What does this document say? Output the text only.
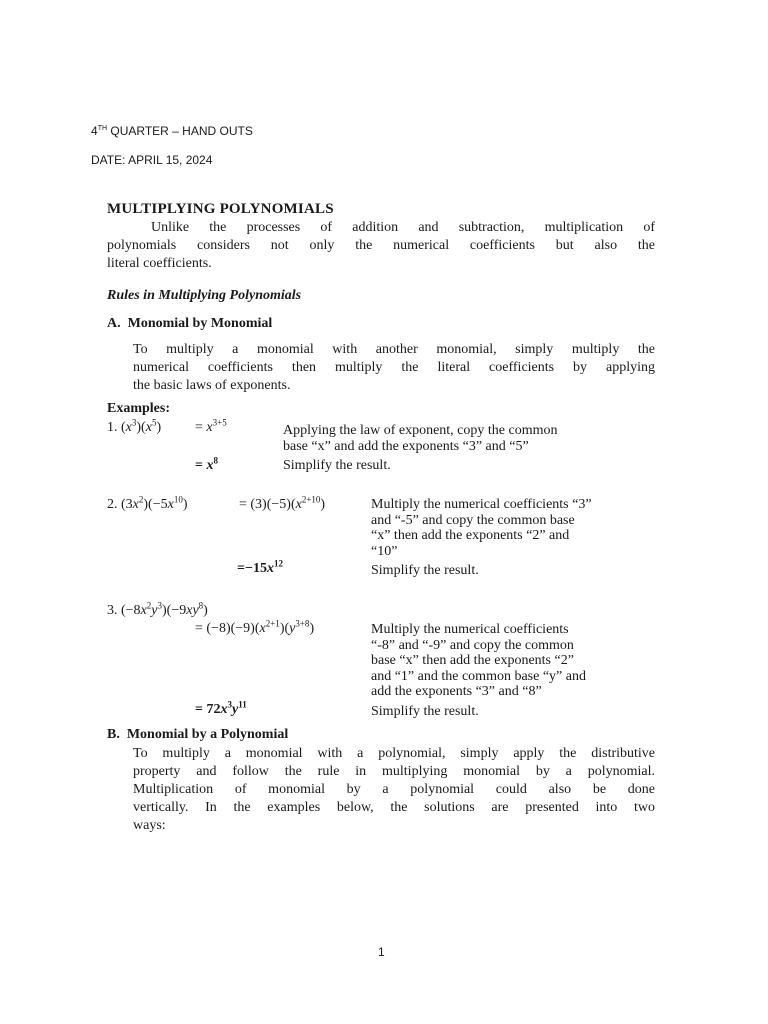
4TH QUARTER – HAND OUTS
DATE: APRIL 15, 2024
MULTIPLYING POLYNOMIALS
Unlike the processes of addition and subtraction, multiplication of
polynomials considers not only the numerical coefficients but also the
literal coefficients.
Rules in Multiplying Polynomials
A.  Monomial by Monomial
To multiply a monomial with another monomial, simply multiply the
numerical coefficients then multiply the literal coefficients by applying
the basic laws of exponents.
Examples:
1. $(x^3)(x^5) = x^{3+5}$
Applying the law of exponent, copy the common
base “x” and add the exponents “3” and “5”
= $x^8$	Simplify the result.
2. $(3x^2)(-5x^{10})$	= $(3)(-5)(x^{2+10})$	Multiply the numerical coefficients “3”
and “-5” and copy the common base
“x” then add the exponents “2” and
“10”
$=-15x^{12}$	Simplify the result.
3. $(-8x^2y^3)(-9xy^8)$
= $(-8)(-9)(x^{2+1})(y^{3+8})$	Multiply the numerical coefficients
“-8” and “-9” and copy the common
base “x” then add the exponents “2”
and “1” and the common base “y” and
add the exponents “3” and “8”
= $72x^3y^{11}$	Simplify the result.
B.  Monomial by a Polynomial
To multiply a monomial with a polynomial, simply apply the distributive
property and follow the rule in multiplying monomial by a polynomial.
Multiplication of monomial by a polynomial could also be done
vertically. In the examples below, the solutions are presented into two
ways:
1
